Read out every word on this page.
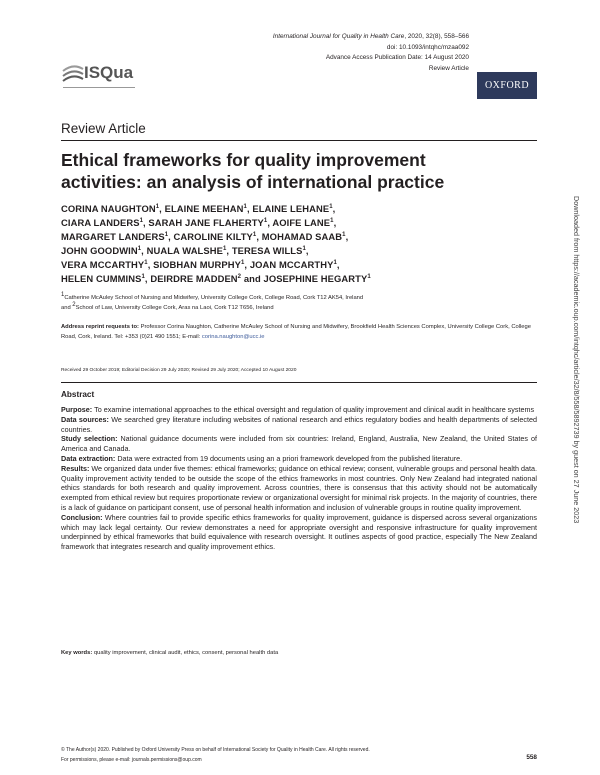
International Journal for Quality in Health Care, 2020, 32(8), 558–566
doi: 10.1093/intqhc/mzaa092
Advance Access Publication Date: 14 August 2020
Review Article
OXFORD
ISQua
Review Article
Ethical frameworks for quality improvement activities: an analysis of international practice
CORINA NAUGHTON$^1$, ELAINE MEEHAN$^1$, ELAINE LEHANE$^1$,
CIARA LANDERS$^1$, SARAH JANE FLAHERTY$^1$, AOIFE LANE$^1$,
MARGARET LANDERS$^1$, CAROLINE KILTY$^1$, MOHAMAD SAAB$^1$,
JOHN GOODWIN$^1$, NUALA WALSHE$^1$, TERESA WILLS$^1$,
VERA MCCARTHY$^1$, SIOBHAN MURPHY$^1$, JOAN MCCARTHY$^1$,
HELEN CUMMINS$^1$, DEIRDRE MADDEN$^2$ and JOSEPHINE HEGARTY$^1$
$^1$Catherine McAuley School of Nursing and Midwifery, University College Cork, College Road, Cork T12 AK54, Ireland
and $^2$School of Law, University College Cork, Aras na Laoi, Cork T12 T656, Ireland
Address reprint requests to: Professor Corina Naughton, Catherine McAuley School of Nursing and Midwifery, Brookfield Health Sciences Complex, University College Cork, College Road, Cork, Ireland. Tel: +353 (0)21 490 1551; E-mail: corina.naughton@ucc.ie
Received 29 October 2019; Editorial Decision 29 July 2020; Revised 29 July 2020; Accepted 10 August 2020
Abstract

Purpose: To examine international approaches to the ethical oversight and regulation of quality improvement and clinical audit in healthcare systems

Data sources: We searched grey literature including websites of national research and ethics regulatory bodies and health departments of selected countries.

Study selection: National guidance documents were included from six countries: Ireland, England, Australia, New Zealand, the United States of America and Canada.

Data extraction: Data were extracted from 19 documents using an a priori framework developed from the published literature.

Results: We organized data under five themes: ethical frameworks; guidance on ethical review; consent, vulnerable groups and personal health data. Quality improvement activity tended to be outside the scope of the ethics frameworks in most countries. Only New Zealand had integrated national ethics standards for both research and quality improvement. Across countries, there is consensus that this activity should not be automatically exempted from ethical review but requires proportionate review or organizational oversight for minimal risk projects. In the majority of countries, there is a lack of guidance on participant consent, use of personal health information and inclusion of vulnerable groups in routine quality improvement.

Conclusion: Where countries fail to provide specific ethics frameworks for quality improvement, guidance is dispersed across several organizations which may lack legal certainty. Our review demonstrates a need for appropriate oversight and responsive infrastructure for quality improvement underpinned by ethical frameworks that build equivalence with research oversight. It outlines aspects of good practice, especially The New Zealand framework that integrates research and quality improvement ethics.

Key words: quality improvement, clinical audit, ethics, consent, personal health data
© The Author(s) 2020. Published by Oxford University Press on behalf of International Society for Quality in Health Care. All rights reserved.
For permissions, please e-mail: journals.permissions@oup.com	558
Downloaded from https://academic.oup.com/intqhc/article/32/8/558/5892739 by guest on 27 June 2023
